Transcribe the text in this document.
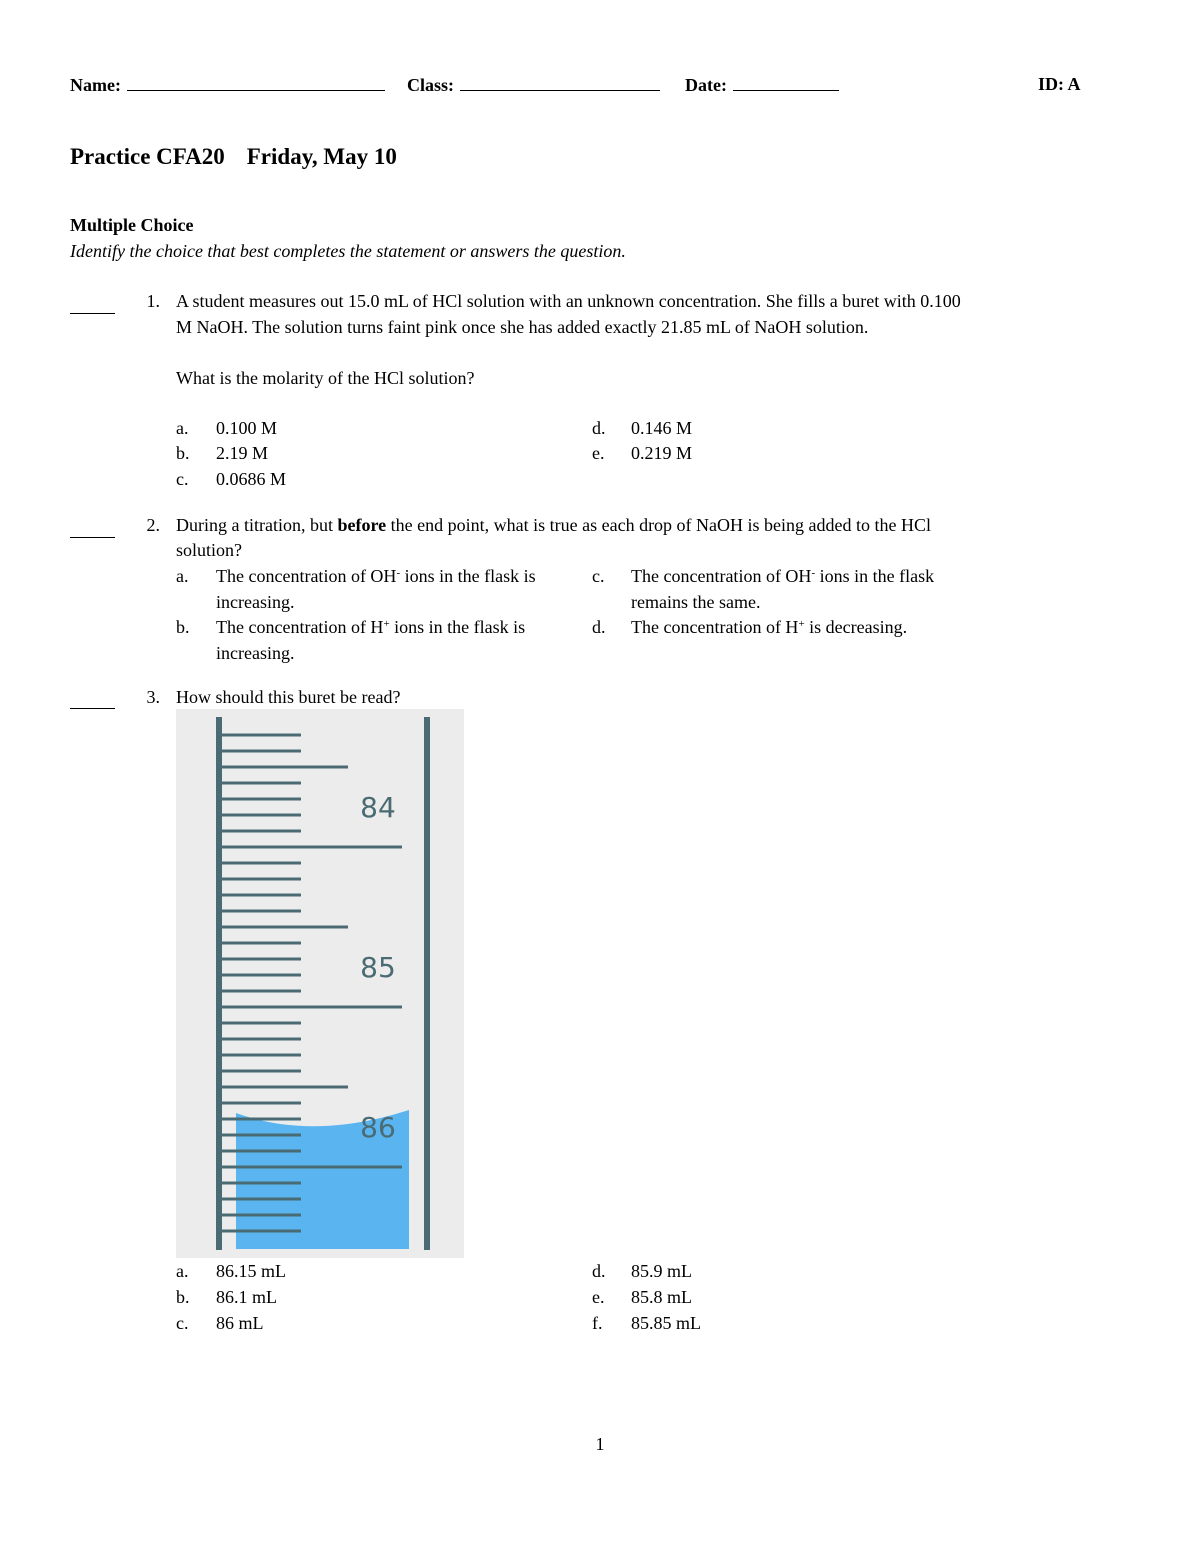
Name:	Class:	Date:	ID: A
Practice CFA20 Friday, May 10
Multiple Choice
Identify the choice that best completes the statement or answers the question.
1. A student measures out 15.0 mL of HCl solution with an unknown concentration. She fills a buret with 0.100
M NaOH. The solution turns faint pink once she has added exactly 21.85 mL of NaOH solution.
What is the molarity of the HCl solution?
a. 0.100 M
b. 2.19 M
c. 0.0686 M
d. 0.146 M
e. 0.219 M
2. During a titration, but before the end point, what is true as each drop of NaOH is being added to the HCl
solution?
a. The concentration of OH- ions in the flask is increasing.
b. The concentration of H+ ions in the flask is increasing.
c. The concentration of OH- ions in the flask remains the same.
d. The concentration of H+ is decreasing.
3. How should this buret be read?
84
85
86
a. 86.15 mL
b. 86.1 mL
c. 86 mL
d. 85.9 mL
e. 85.8 mL
f. 85.85 mL
1
